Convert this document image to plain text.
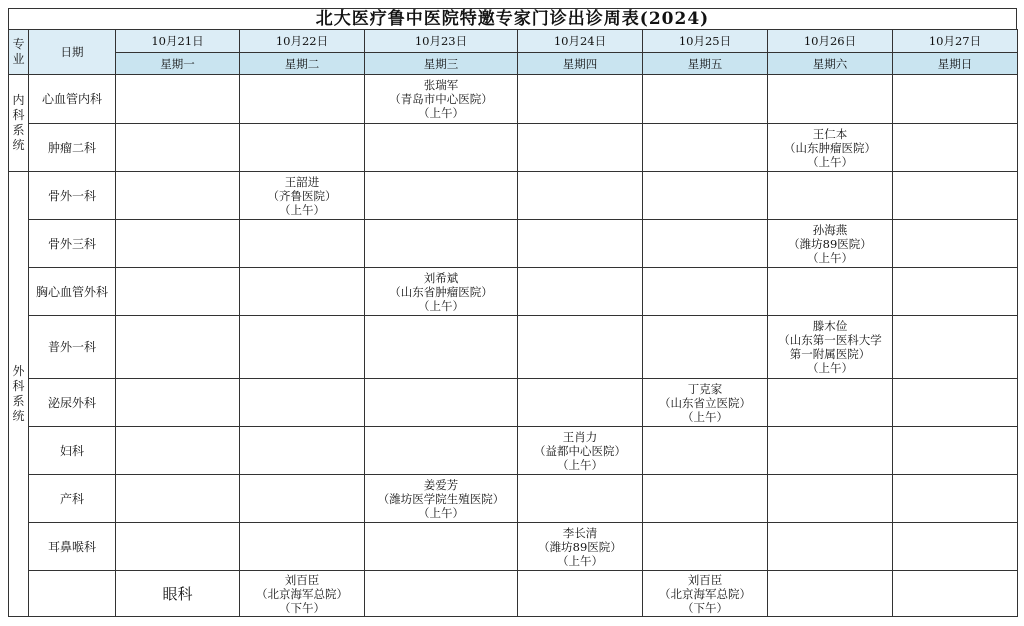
北大医疗鲁中医院特邀专家门诊出诊周表(2024)
专业	日期	10月21日	10月22日	10月23日	10月24日	10月25日	10月26日	10月27日	
		星期一	星期二	星期三	星期四	星期五	星期六	星期日	

内科系统	心血管内科			张瑞军
（青岛市中心医院）
（上午）					

	肿瘤二科						王仁本
（山东肿瘤医院）
（上午）		

外科系统	骨外一科		王韶进
（齐鲁医院）
（上午）						

	骨外三科						孙海燕
（潍坊89医院）
（上午）		

	胸心血管外科			刘希斌
（山东省肿瘤医院）
（上午）					

	普外一科						滕木俭
（山东第一医科大学
第一附属医院）
（上午）		

	泌尿外科					丁克家
（山东省立医院）
（上午）			

	妇科				王肖力
（益都中心医院）
（上午）				

	产科			姜爱芳
（潍坊医学院生殖医院）
（上午）					

	耳鼻喉科				李长清
（潍坊89医院）
（上午）				

		眼科	刘百臣
（北京海军总院）
（下午）			刘百臣
（北京海军总院）
（下午）			
